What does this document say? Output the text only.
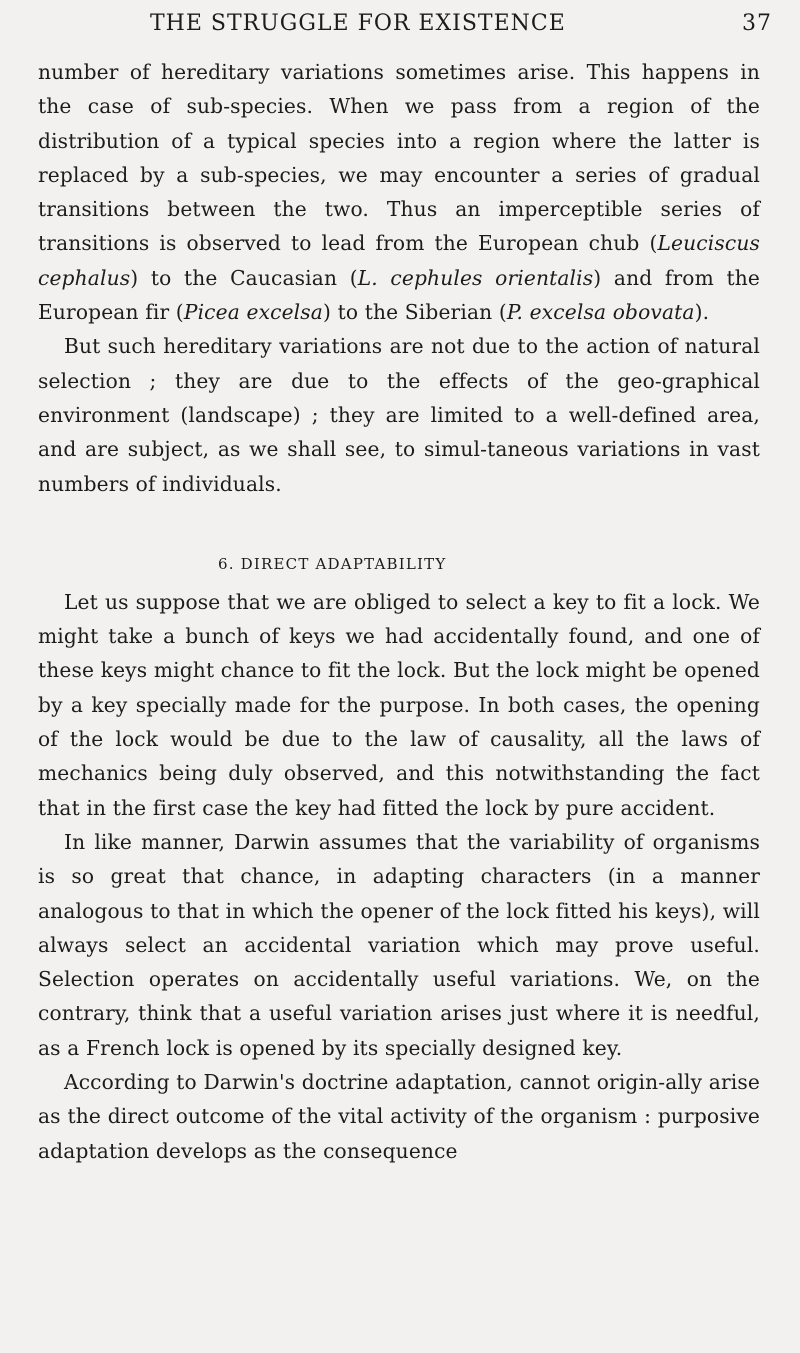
THE STRUGGLE FOR EXISTENCE	37

number of hereditary variations sometimes arise. This happens in the case of sub-species. When we pass from a region of the distribution of a typical species into a region where the latter is replaced by a sub-species, we may encounter a series of gradual transitions between the two. Thus an imperceptible series of transitions is observed to lead from the European chub (Leuciscus cephalus) to the Caucasian (L. cephules orientalis) and from the European fir (Picea excelsa) to the Siberian (P. excelsa obovata).

But such hereditary variations are not due to the action of natural selection ; they are due to the effects of the geo-graphical environment (landscape) ; they are limited to a well-defined area, and are subject, as we shall see, to simul-taneous variations in vast numbers of individuals.

6. DIRECT ADAPTABILITY

Let us suppose that we are obliged to select a key to fit a lock. We might take a bunch of keys we had accidentally found, and one of these keys might chance to fit the lock. But the lock might be opened by a key specially made for the purpose. In both cases, the opening of the lock would be due to the law of causality, all the laws of mechanics being duly observed, and this notwithstanding the fact that in the first case the key had fitted the lock by pure accident.

In like manner, Darwin assumes that the variability of organisms is so great that chance, in adapting characters (in a manner analogous to that in which the opener of the lock fitted his keys), will always select an accidental variation which may prove useful. Selection operates on accidentally useful variations. We, on the contrary, think that a useful variation arises just where it is needful, as a French lock is opened by its specially designed key.

According to Darwin's doctrine adaptation, cannot origin-ally arise as the direct outcome of the vital activity of the organism : purposive adaptation develops as the consequence
